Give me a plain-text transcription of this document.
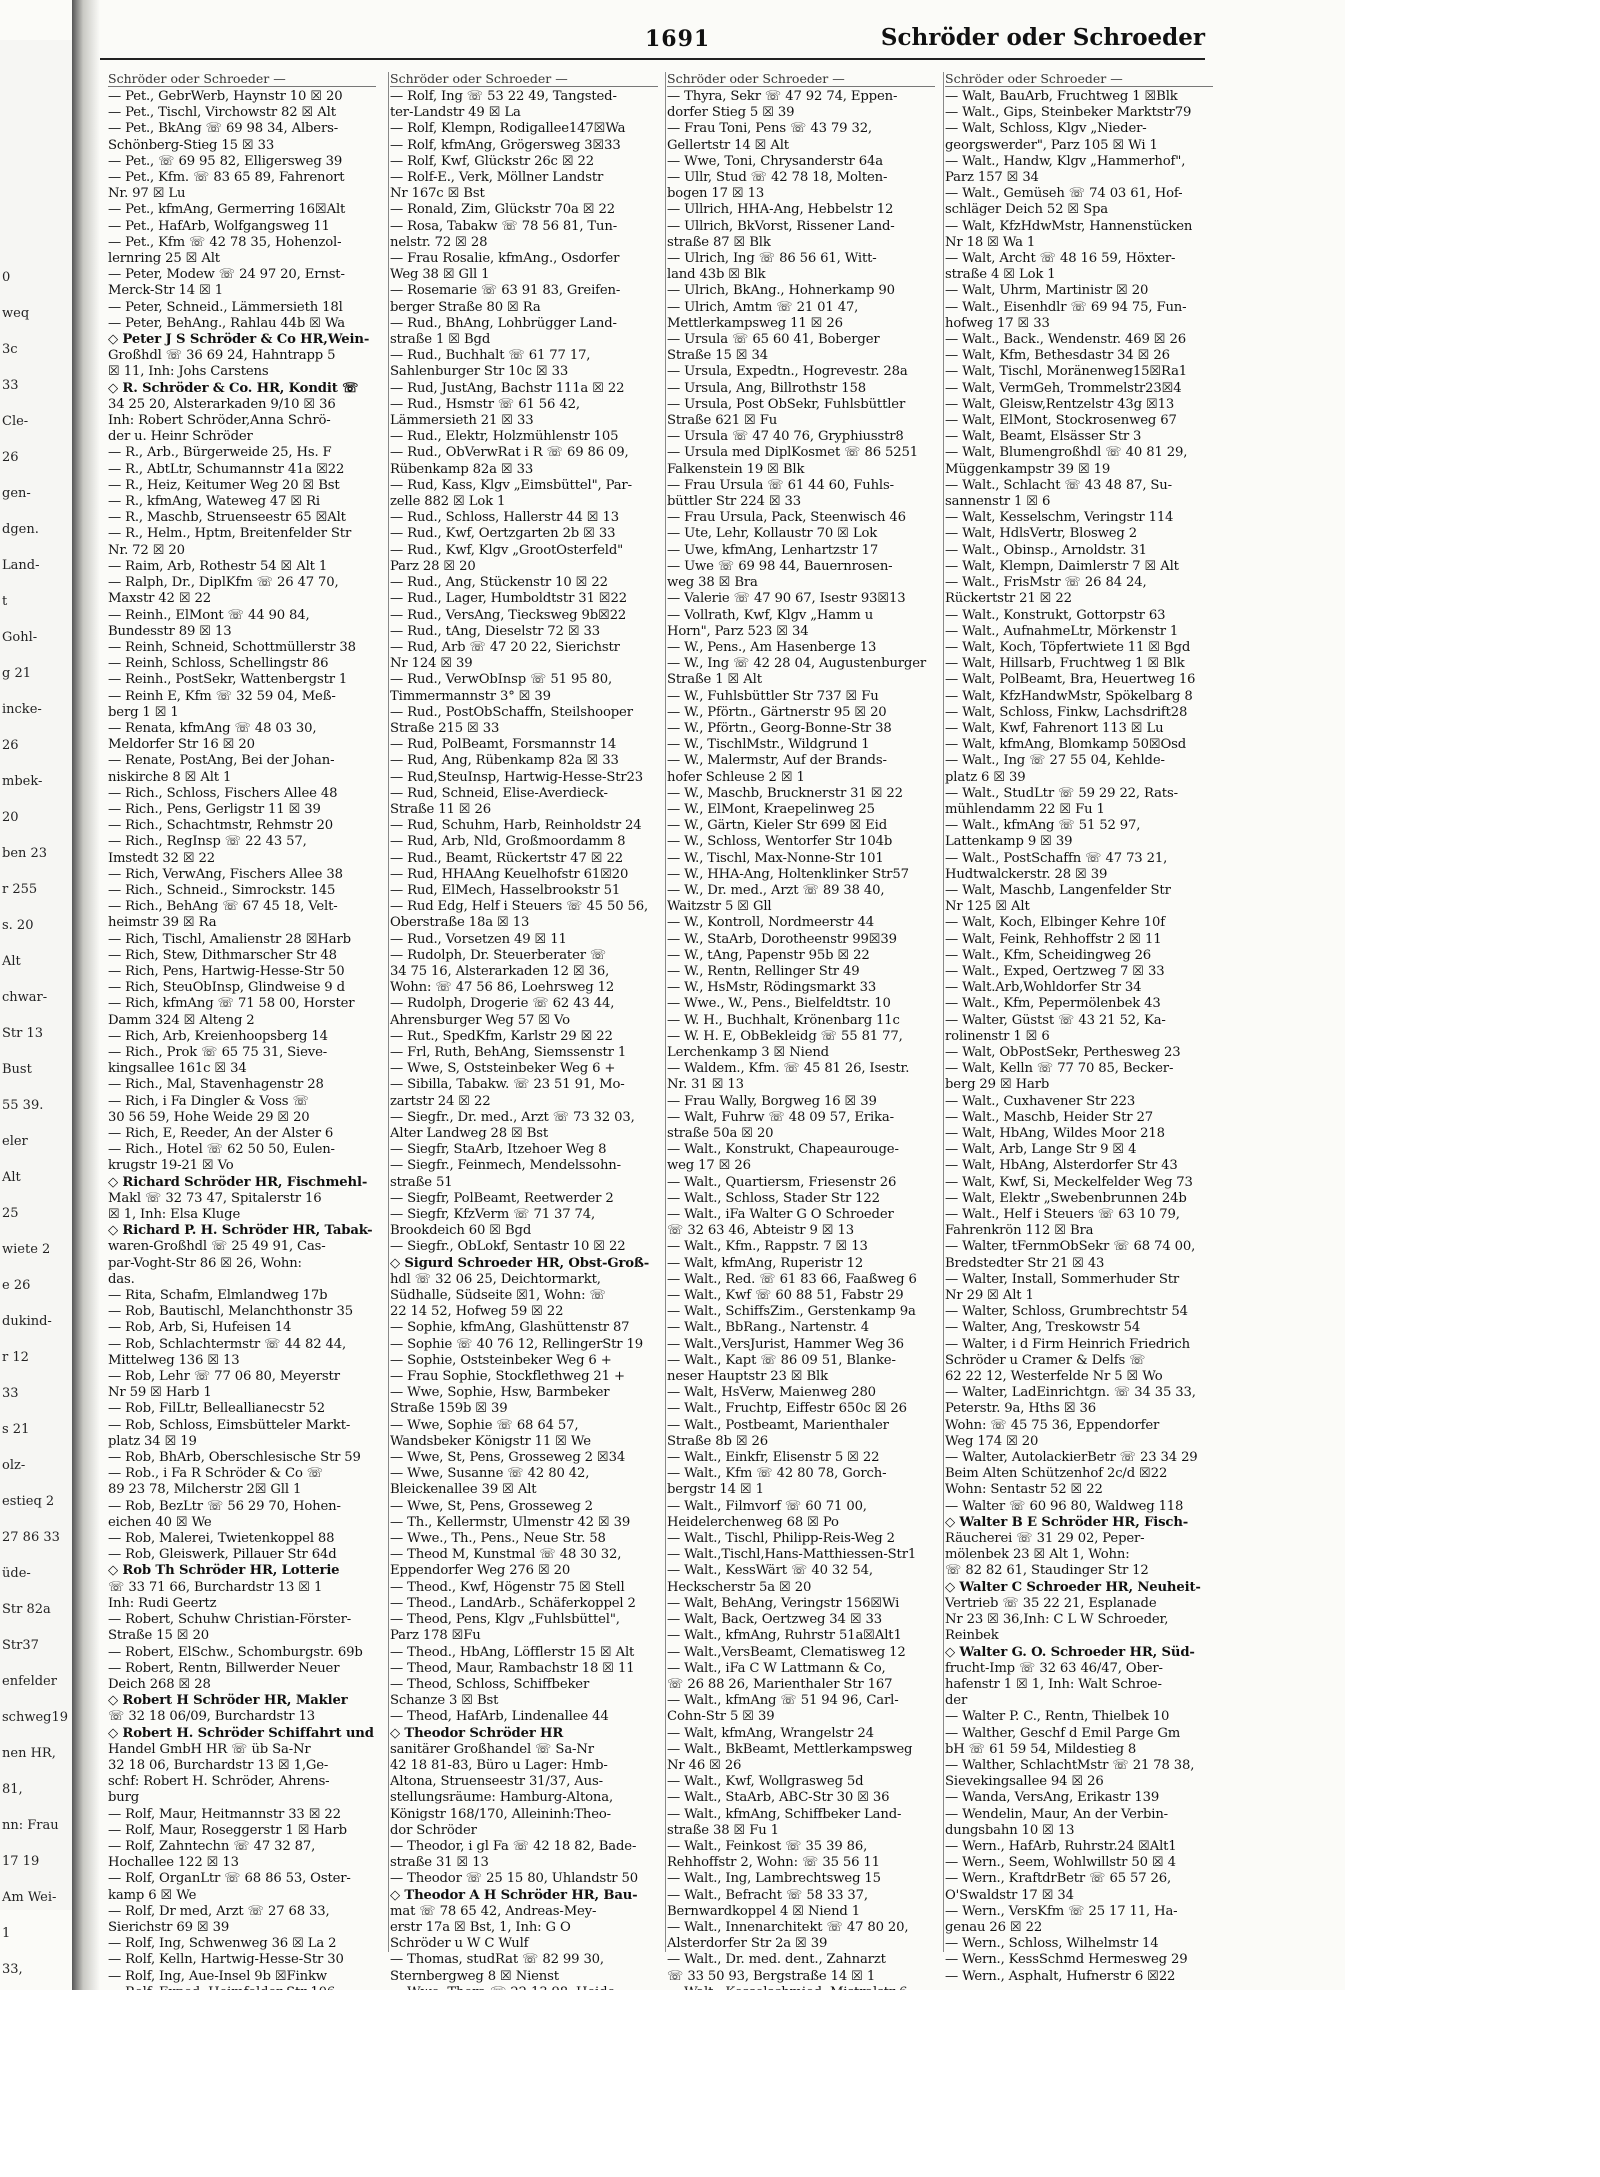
0
weq
3c
33
Cle-
26
gen-
dgen.
Land-
t
Gohl-
g 21
incke-
26
mbek-
20
ben 23
r 255
s. 20
Alt
chwar-
Str 13
Bust
55 39.
eler
Alt
25
wiete 2
e 26
dukind-
r 12
33
s 21
olz-
estieq 2
27 86 33
üde-
Str 82a
Str37
enfelder
schweg19
nen HR,
81,
nn: Frau
17 19
Am Wei-
1
33,
1691	Schröder oder Schroeder
Schröder oder Schroeder —
— Pet., GebrWerb, Haynstr 10 ☒ 20
— Pet., Tischl, Virchowstr 82 ☒ Alt
— Pet., BkAng ☏ 69 98 34, Albers-
Schönberg-Stieg 15 ☒ 33
— Pet., ☏ 69 95 82, Elligersweg 39
— Pet., Kfm. ☏ 83 65 89, Fahrenort
Nr. 97 ☒ Lu
— Pet., kfmAng, Germerring 16☒Alt
— Pet., HafArb, Wolfgangsweg 11
— Pet., Kfm ☏ 42 78 35, Hohenzol-
lernring 25 ☒ Alt
— Peter, Modew ☏ 24 97 20, Ernst-
Merck-Str 14 ☒ 1
— Peter, Schneid., Lämmersieth 18l
— Peter, BehAng., Rahlau 44b ☒ Wa
◇ Peter J S Schröder & Co HR,Wein-
Großhdl ☏ 36 69 24, Hahntrapp 5
☒ 11, Inh: Johs Carstens
◇ R. Schröder & Co. HR, Kondit ☏
34 25 20, Alsterarkaden 9/10 ☒ 36
Inh: Robert Schröder,Anna Schrö-
der u. Heinr Schröder
— R., Arb., Bürgerweide 25, Hs. F
— R., AbtLtr, Schumannstr 41a ☒22
— R., Heiz, Keitumer Weg 20 ☒ Bst
— R., kfmAng, Wateweg 47 ☒ Ri
— R., Maschb, Struenseestr 65 ☒Alt
— R., Helm., Hptm, Breitenfelder Str
Nr. 72 ☒ 20
— Raim, Arb, Rothestr 54 ☒ Alt 1
— Ralph, Dr., DiplKfm ☏ 26 47 70,
Maxstr 42 ☒ 22
— Reinh., ElMont ☏ 44 90 84,
Bundesstr 89 ☒ 13
— Reinh, Schneid, Schottmüllerstr 38
— Reinh, Schloss, Schellingstr 86
— Reinh., PostSekr, Wattenbergstr 1
— Reinh E, Kfm ☏ 32 59 04, Meß-
berg 1 ☒ 1
— Renata, kfmAng ☏ 48 03 30,
Meldorfer Str 16 ☒ 20
— Renate, PostAng, Bei der Johan-
niskirche 8 ☒ Alt 1
— Rich., Schloss, Fischers Allee 48
— Rich., Pens, Gerligstr 11 ☒ 39
— Rich., Schachtmstr, Rehmstr 20
— Rich., RegInsp ☏ 22 43 57,
Imstedt 32 ☒ 22
— Rich, VerwAng, Fischers Allee 38
— Rich., Schneid., Simrockstr. 145
— Rich., BehAng ☏ 67 45 18, Velt-
heimstr 39 ☒ Ra
— Rich, Tischl, Amalienstr 28 ☒Harb
— Rich, Stew, Dithmarscher Str 48
— Rich, Pens, Hartwig-Hesse-Str 50
— Rich, SteuObInsp, Glindweise 9 d
— Rich, kfmAng ☏ 71 58 00, Horster
Damm 324 ☒ Alteng 2
— Rich, Arb, Kreienhoopsberg 14
— Rich., Prok ☏ 65 75 31, Sieve-
kingsallee 161c ☒ 34
— Rich., Mal, Stavenhagenstr 28
— Rich, i Fa Dingler & Voss ☏
30 56 59, Hohe Weide 29 ☒ 20
— Rich, E, Reeder, An der Alster 6
— Rich., Hotel ☏ 62 50 50, Eulen-
krugstr 19-21 ☒ Vo
◇ Richard Schröder HR, Fischmehl-
Makl ☏ 32 73 47, Spitalerstr 16
☒ 1, Inh: Elsa Kluge
◇ Richard P. H. Schröder HR, Tabak-
waren-Großhdl ☏ 25 49 91, Cas-
par-Voght-Str 86 ☒ 26, Wohn:
das.
— Rita, Schafm, Elmlandweg 17b
— Rob, Bautischl, Melanchthonstr 35
— Rob, Arb, Si, Hufeisen 14
— Rob, Schlachtermstr ☏ 44 82 44,
Mittelweg 136 ☒ 13
— Rob, Lehr ☏ 77 06 80, Meyerstr
Nr 59 ☒ Harb 1
— Rob, FilLtr, Belleallianecstr 52
— Rob, Schloss, Eimsbütteler Markt-
platz 34 ☒ 19
— Rob, BhArb, Oberschlesische Str 59
— Rob., i Fa R Schröder & Co ☏
89 23 78, Milcherstr 2☒ Gll 1
— Rob, BezLtr ☏ 56 29 70, Hohen-
eichen 40 ☒ We
— Rob, Malerei, Twietenkoppel 88
— Rob, Gleiswerk, Pillauer Str 64d
◇ Rob Th Schröder HR, Lotterie
☏ 33 71 66, Burchardstr 13 ☒ 1
Inh: Rudi Geertz
— Robert, Schuhw Christian-Förster-
Straße 15 ☒ 20
— Robert, ElSchw., Schomburgstr. 69b
— Robert, Rentn, Billwerder Neuer
Deich 268 ☒ 28
◇ Robert H Schröder HR, Makler
☏ 32 18 06/09, Burchardstr 13
◇ Robert H. Schröder Schiffahrt und
Handel GmbH HR ☏ üb Sa-Nr
32 18 06, Burchardstr 13 ☒ 1,Ge-
schf: Robert H. Schröder, Ahrens-
burg
— Rolf, Maur, Heitmannstr 33 ☒ 22
— Rolf, Maur, Roseggerstr 1 ☒ Harb
— Rolf, Zahntechn ☏ 47 32 87,
Hochallee 122 ☒ 13
— Rolf, OrganLtr ☏ 68 86 53, Oster-
kamp 6 ☒ We
— Rolf, Dr med, Arzt ☏ 27 68 33,
Sierichstr 69 ☒ 39
— Rolf, Ing, Schwenweg 36 ☒ La 2
— Rolf, Kelln, Hartwig-Hesse-Str 30
— Rolf, Ing, Aue-Insel 9b ☒Finkw
Schröder oder Schroeder —
— Rolf, Ing ☏ 53 22 49, Tangsted-
ter-Landstr 49 ☒ La
— Rolf, Klempn, Rodigallee147☒Wa
— Rolf, kfmAng, Grögersweg 3☒33
— Rolf, Kwf, Glückstr 26c ☒ 22
— Rolf-E., Verk, Möllner Landstr
Nr 167c ☒ Bst
— Ronald, Zim, Glückstr 70a ☒ 22
— Rosa, Tabakw ☏ 78 56 81, Tun-
nelstr. 72 ☒ 28
— Frau Rosalie, kfmAng., Osdorfer
Weg 38 ☒ Gll 1
— Rosemarie ☏ 63 91 83, Greifen-
berger Straße 80 ☒ Ra
— Rud., BhAng, Lohbrügger Land-
straße 1 ☒ Bgd
— Rud., Buchhalt ☏ 61 77 17,
Sahlenburger Str 10c ☒ 33
— Rud, JustAng, Bachstr 111a ☒ 22
— Rud., Hsmstr ☏ 61 56 42,
Lämmersieth 21 ☒ 33
— Rud., Elektr, Holzmühlenstr 105
— Rud., ObVerwRat i R ☏ 69 86 09,
Rübenkamp 82a ☒ 33
— Rud, Kass, Klgv „Eimsbüttel", Par-
zelle 882 ☒ Lok 1
— Rud., Schloss, Hallerstr 44 ☒ 13
— Rud., Kwf, Oertzgarten 2b ☒ 33
— Rud., Kwf, Klgv „GrootOsterfeld"
Parz 28 ☒ 20
— Rud., Ang, Stückenstr 10 ☒ 22
— Rud., Lager, Humboldtstr 31 ☒22
— Rud., VersAng, Tiecksweg 9b☒22
— Rud., tAng, Dieselstr 72 ☒ 33
— Rud, Arb ☏ 47 20 22, Sierichstr
Nr 124 ☒ 39
— Rud., VerwObInsp ☏ 51 95 80,
Timmermannstr 3° ☒ 39
— Rud., PostObSchaffn, Steilshooper
Straße 215 ☒ 33
— Rud, PolBeamt, Forsmannstr 14
— Rud, Ang, Rübenkamp 82a ☒ 33
— Rud,SteuInsp, Hartwig-Hesse-Str23
— Rud, Schneid, Elise-Averdieck-
Straße 11 ☒ 26
— Rud, Schuhm, Harb, Reinholdstr 24
— Rud, Arb, Nld, Großmoordamm 8
— Rud., Beamt, Rückertstr 47 ☒ 22
— Rud, HHAAng Keuelhofstr 61☒20
— Rud, ElMech, Hasselbrookstr 51
— Rud Edg, Helf i Steuers ☏ 45 50 56,
Oberstraße 18a ☒ 13
— Rud., Vorsetzen 49 ☒ 11
— Rudolph, Dr. Steuerberater ☏
34 75 16, Alsterarkaden 12 ☒ 36,
Wohn: ☏ 47 56 86, Loehrsweg 12
— Rudolph, Drogerie ☏ 62 43 44,
Ahrensburger Weg 57 ☒ Vo
— Rut., SpedKfm, Karlstr 29 ☒ 22
— Frl, Ruth, BehAng, Siemssenstr 1
— Wwe, S, Oststeinbeker Weg 6 +
— Sibilla, Tabakw. ☏ 23 51 91, Mo-
zartstr 24 ☒ 22
— Siegfr., Dr. med., Arzt ☏ 73 32 03,
Alter Landweg 28 ☒ Bst
— Siegfr, StaArb, Itzehoer Weg 8
— Siegfr., Feinmech, Mendelssohn-
straße 51
— Siegfr, PolBeamt, Reetwerder 2
— Siegfr, KfzVerm ☏ 71 37 74,
Brookdeich 60 ☒ Bgd
— Siegfr., ObLokf, Sentastr 10 ☒ 22
◇ Sigurd Schroeder HR, Obst-Groß-
hdl ☏ 32 06 25, Deichtormarkt,
Südhalle, Südseite ☒1, Wohn: ☏
22 14 52, Hofweg 59 ☒ 22
— Sophie, kfmAng, Glashüttenstr 87
— Sophie ☏ 40 76 12, RellingerStr 19
— Sophie, Oststeinbeker Weg 6 +
— Frau Sophie, Stockflethweg 21 +
— Wwe, Sophie, Hsw, Barmbeker
Straße 159b ☒ 39
— Wwe, Sophie ☏ 68 64 57,
Wandsbeker Königstr 11 ☒ We
— Wwe, St, Pens, Grosseweg 2 ☒34
— Wwe, Susanne ☏ 42 80 42,
Bleickenallee 39 ☒ Alt
— Wwe, St, Pens, Grosseweg 2
— Th., Kellermstr, Ulmenstr 42 ☒ 39
— Wwe., Th., Pens., Neue Str. 58
— Theod M, Kunstmal ☏ 48 30 32,
Eppendorfer Weg 276 ☒ 20
— Theod., Kwf, Högenstr 75 ☒ Stell
— Theod., LandArb., Schäferkoppel 2
— Theod, Pens, Klgv „Fuhlsbüttel",
Parz 178 ☒Fu
— Theod., HbAng, Löfflerstr 15 ☒ Alt
— Theod, Maur, Rambachstr 18 ☒ 11
— Theod, Schloss, Schiffbeker
Schanze 3 ☒ Bst
— Theod, HafArb, Lindenallee 44
◇ Theodor Schröder HR
sanitärer Großhandel ☏ Sa-Nr
42 18 81-83, Büro u Lager: Hmb-
Altona, Struenseestr 31/37, Aus-
stellungsräume: Hamburg-Altona,
Königstr 168/170, Alleininh:Theo-
dor Schröder
— Theodor, i gl Fa ☏ 42 18 82, Bade-
straße 31 ☒ 13
— Theodor ☏ 25 15 80, Uhlandstr 50
◇ Theodor A H Schröder HR, Bau-
mat ☏ 78 65 42, Andreas-Mey-
erstr 17a ☒ Bst, 1, Inh: G O
Schröder u W C Wulf
— Thomas, studRat ☏ 82 99 30,
Sternbergweg 8 ☒ Nienst
Schröder oder Schroeder —
— Thyra, Sekr ☏ 47 92 74, Eppen-
dorfer Stieg 5 ☒ 39
— Frau Toni, Pens ☏ 43 79 32,
Gellertstr 14 ☒ Alt
— Wwe, Toni, Chrysanderstr 64a
— Ullr, Stud ☏ 42 78 18, Molten-
bogen 17 ☒ 13
— Ullrich, HHA-Ang, Hebbelstr 12
— Ullrich, BkVorst, Rissener Land-
straße 87 ☒ Blk
— Ulrich, Ing ☏ 86 56 61, Witt-
land 43b ☒ Blk
— Ulrich, BkAng., Hohnerkamp 90
— Ulrich, Amtm ☏ 21 01 47,
Mettlerkampsweg 11 ☒ 26
— Ursula ☏ 65 60 41, Boberger
Straße 15 ☒ 34
— Ursula, Expedtn., Hogrevestr. 28a
— Ursula, Ang, Billrothstr 158
— Ursula, Post ObSekr, Fuhlsbüttler
Straße 621 ☒ Fu
— Ursula ☏ 47 40 76, Gryphiusstr8
— Ursula med DiplKosmet ☏ 86 5251
Falkenstein 19 ☒ Blk
— Frau Ursula ☏ 61 44 60, Fuhls-
büttler Str 224 ☒ 33
— Frau Ursula, Pack, Steenwisch 46
— Ute, Lehr, Kollaustr 70 ☒ Lok
— Uwe, kfmAng, Lenhartzstr 17
— Uwe ☏ 69 98 44, Bauernrosen-
weg 38 ☒ Bra
— Valerie ☏ 47 90 67, Isestr 93☒13
— Vollrath, Kwf, Klgv „Hamm u
Horn", Parz 523 ☒ 34
— W., Pens., Am Hasenberge 13
— W., Ing ☏ 42 28 04, Augustenburger
Straße 1 ☒ Alt
— W., Fuhlsbüttler Str 737 ☒ Fu
— W., Pförtn., Gärtnerstr 95 ☒ 20
— W., Pförtn., Georg-Bonne-Str 38
— W., TischlMstr., Wildgrund 1
— W., Malermstr, Auf der Brands-
hofer Schleuse 2 ☒ 1
— W., Maschb, Brucknerstr 31 ☒ 22
— W., ElMont, Kraepelinweg 25
— W., Gärtn, Kieler Str 699 ☒ Eid
— W., Schloss, Wentorfer Str 104b
— W., Tischl, Max-Nonne-Str 101
— W., HHA-Ang, Holtenklinker Str57
— W., Dr. med., Arzt ☏ 89 38 40,
Waitzstr 5 ☒ Gll
— W., Kontroll, Nordmeerstr 44
— W., StaArb, Dorotheenstr 99☒39
— W., tAng, Papenstr 95b ☒ 22
— W., Rentn, Rellinger Str 49
— W., HsMstr, Rödingsmarkt 33
— Wwe., W., Pens., Bielfeldtstr. 10
— W. H., Buchhalt, Krönenbarg 11c
— W. H. E, ObBekleidg ☏ 55 81 77,
Lerchenkamp 3 ☒ Niend
— Waldem., Kfm. ☏ 45 81 26, Isestr.
Nr. 31 ☒ 13
— Frau Wally, Borgweg 16 ☒ 39
— Walt, Fuhrw ☏ 48 09 57, Erika-
straße 50a ☒ 20
— Walt., Konstrukt, Chapeaurouge-
weg 17 ☒ 26
— Walt., Quartiersm, Friesenstr 26
— Walt., Schloss, Stader Str 122
— Walt., iFa Walter G O Schroeder
☏ 32 63 46, Abteistr 9 ☒ 13
— Walt., Kfm., Rappstr. 7 ☒ 13
— Walt, kfmAng, Ruperistr 12
— Walt., Red. ☏ 61 83 66, Faaßweg 6
— Walt., Kwf ☏ 60 88 51, Fabstr 29
— Walt., SchiffsZim., Gerstenkamp 9a
— Walt., BbRang., Nartenstr. 4
— Walt.,VersJurist, Hammer Weg 36
— Walt., Kapt ☏ 86 09 51, Blanke-
neser Hauptstr 23 ☒ Blk
— Walt, HsVerw, Maienweg 280
— Walt., Fruchtp, Eiffestr 650c ☒ 26
— Walt., Postbeamt, Marienthaler
Straße 8b ☒ 26
— Walt., Einkfr, Elisenstr 5 ☒ 22
— Walt., Kfm ☏ 42 80 78, Gorch-
bergstr 14 ☒ 1
— Walt., Filmvorf ☏ 60 71 00,
Heidelerchenweg 68 ☒ Po
— Walt., Tischl, Philipp-Reis-Weg 2
— Walt.,Tischl,Hans-Matthiessen-Str1
— Walt., KessWärt ☏ 40 32 54,
Heckscherstr 5a ☒ 20
— Walt, BehAng, Veringstr 156☒Wi
— Walt, Back, Oertzweg 34 ☒ 33
— Walt., kfmAng, Ruhrstr 51a☒Alt1
— Walt.,VersBeamt, Clematisweg 12
— Walt., iFa C W Lattmann & Co,
☏ 26 88 26, Marienthaler Str 167
— Walt., kfmAng ☏ 51 94 96, Carl-
Cohn-Str 5 ☒ 39
— Walt, kfmAng, Wrangelstr 24
— Walt., BkBeamt, Mettlerkampsweg
Nr 46 ☒ 26
— Walt., Kwf, Wollgrasweg 5d
— Walt., StaArb, ABC-Str 30 ☒ 36
— Walt., kfmAng, Schiffbeker Land-
straße 38 ☒ Fu 1
— Walt., Feinkost ☏ 35 39 86,
Rehhoffstr 2, Wohn: ☏ 35 56 11
— Walt., Ing, Lambrechtsweg 15
— Walt., Befracht ☏ 58 33 37,
Bernwardkoppel 4 ☒ Niend 1
— Walt., Innenarchitekt ☏ 47 80 20,
Alsterdorfer Str 2a ☒ 39
— Walt., Dr. med. dent., Zahnarzt
☏ 33 50 93, Bergstraße 14 ☒ 1
Schröder oder Schroeder —
— Walt, BauArb, Fruchtweg 1 ☒Blk
— Walt., Gips, Steinbeker Marktstr79
— Walt, Schloss, Klgv „Nieder-
georgswerder", Parz 105 ☒ Wi 1
— Walt., Handw, Klgv „Hammerhof",
Parz 157 ☒ 34
— Walt., Gemüseh ☏ 74 03 61, Hof-
schläger Deich 52 ☒ Spa
— Walt, KfzHdwMstr, Hannenstücken
Nr 18 ☒ Wa 1
— Walt, Archt ☏ 48 16 59, Höxter-
straße 4 ☒ Lok 1
— Walt, Uhrm, Martinistr ☒ 20
— Walt., Eisenhdlr ☏ 69 94 75, Fun-
hofweg 17 ☒ 33
— Walt., Back., Wendenstr. 469 ☒ 26
— Walt, Kfm, Bethesdastr 34 ☒ 26
— Walt, Tischl, Moränenweg15☒Ra1
— Walt, VermGeh, Trommelstr23☒4
— Walt, Gleisw,Rentzelstr 43g ☒13
— Walt, ElMont, Stockrosenweg 67
— Walt, Beamt, Elsässer Str 3
— Walt, Blumengroßhdl ☏ 40 81 29,
Müggenkampstr 39 ☒ 19
— Walt., Schlacht ☏ 43 48 87, Su-
sannenstr 1 ☒ 6
— Walt, Kesselschm, Veringstr 114
— Walt, HdlsVertr, Blosweg 2
— Walt., Obinsp., Arnoldstr. 31
— Walt, Klempn, Daimlerstr 7 ☒ Alt
— Walt., FrisMstr ☏ 26 84 24,
Rückertstr 21 ☒ 22
— Walt., Konstrukt, Gottorpstr 63
— Walt., AufnahmeLtr, Mörkenstr 1
— Walt, Koch, Töpfertwiete 11 ☒ Bgd
— Walt, Hillsarb, Fruchtweg 1 ☒ Blk
— Walt, PolBeamt, Bra, Heuertweg 16
— Walt, KfzHandwMstr, Spökelbarg 8
— Walt, Schloss, Finkw, Lachsdrift28
— Walt, Kwf, Fahrenort 113 ☒ Lu
— Walt, kfmAng, Blomkamp 50☒Osd
— Walt., Ing ☏ 27 55 04, Kehlde-
platz 6 ☒ 39
— Walt., StudLtr ☏ 59 29 22, Rats-
mühlendamm 22 ☒ Fu 1
— Walt., kfmAng ☏ 51 52 97,
Lattenkamp 9 ☒ 39
— Walt., PostSchaffn ☏ 47 73 21,
Hudtwalckerstr. 28 ☒ 39
— Walt, Maschb, Langenfelder Str
Nr 125 ☒ Alt
— Walt, Koch, Elbinger Kehre 10f
— Walt, Feink, Rehhoffstr 2 ☒ 11
— Walt., Kfm, Scheidingweg 26
— Walt., Exped, Oertzweg 7 ☒ 33
— Walt.Arb,Wohldorfer Str 34
— Walt., Kfm, Pepermölenbek 43
— Walter, Güstst ☏ 43 21 52, Ka-
rolinenstr 1 ☒ 6
— Walt, ObPostSekr, Perthesweg 23
— Walt, Kelln ☏ 77 70 85, Becker-
berg 29 ☒ Harb
— Walt., Cuxhavener Str 223
— Walt., Maschb, Heider Str 27
— Walt, HbAng, Wildes Moor 218
— Walt, Arb, Lange Str 9 ☒ 4
— Walt, HbAng, Alsterdorfer Str 43
— Walt, Kwf, Si, Meckelfelder Weg 73
— Walt, Elektr „Swebenbrunnen 24b
— Walt., Helf i Steuers ☏ 63 10 79,
Fahrenkrön 112 ☒ Bra
— Walter, tFernmObSekr ☏ 68 74 00,
Bredstedter Str 21 ☒ 43
— Walter, Install, Sommerhuder Str
Nr 29 ☒ Alt 1
— Walter, Schloss, Grumbrechtstr 54
— Walter, Ang, Treskowstr 54
— Walter, i d Firm Heinrich Friedrich
Schröder u Cramer & Delfs ☏
62 22 12, Westerfelde Nr 5 ☒ Wo
— Walter, LadEinrichtgn. ☏ 34 35 33,
Peterstr. 9a, Hths ☒ 36
Wohn: ☏ 45 75 36, Eppendorfer
Weg 174 ☒ 20
— Walter, AutolackierBetr ☏ 23 34 29
Beim Alten Schützenhof 2c/d ☒22
Wohn: Sentastr 52 ☒ 22
— Walter ☏ 60 96 80, Waldweg 118
◇ Walter B E Schröder HR, Fisch-
Räucherei ☏ 31 29 02, Peper-
mölenbek 23 ☒ Alt 1, Wohn:
☏ 82 82 61, Staudinger Str 12
◇ Walter C Schroeder HR, Neuheit-
Vertrieb ☏ 35 22 21, Esplanade
Nr 23 ☒ 36,Inh: C L W Schroeder,
Reinbek
◇ Walter G. O. Schroeder HR, Süd-
frucht-Imp ☏ 32 63 46/47, Ober-
hafenstr 1 ☒ 1, Inh: Walt Schroe-
der
— Walter P. C., Rentn, Thielbek 10
— Walther, Geschf d Emil Parge Gm
bH ☏ 61 59 54, Mildestieg 8
— Walther, SchlachtMstr ☏ 21 78 38,
Sievekingsallee 94 ☒ 26
— Wanda, VersAng, Erikastr 139
— Wendelin, Maur, An der Verbin-
dungsbahn 10 ☒ 13
— Wern., HafArb, Ruhrstr.24 ☒Alt1
— Wern., Seem, Wohlwillstr 50 ☒ 4
— Wern., KraftdrBetr ☏ 65 57 26,
O'Swaldstr 17 ☒ 34
— Wern., VersKfm ☏ 25 17 11, Ha-
genau 26 ☒ 22
— Wern., Schloss, Wilhelmstr 14
— Wern., KessSchmd Hermesweg 29
— Wern., Asphalt, Hufnerstr 6 ☒22
